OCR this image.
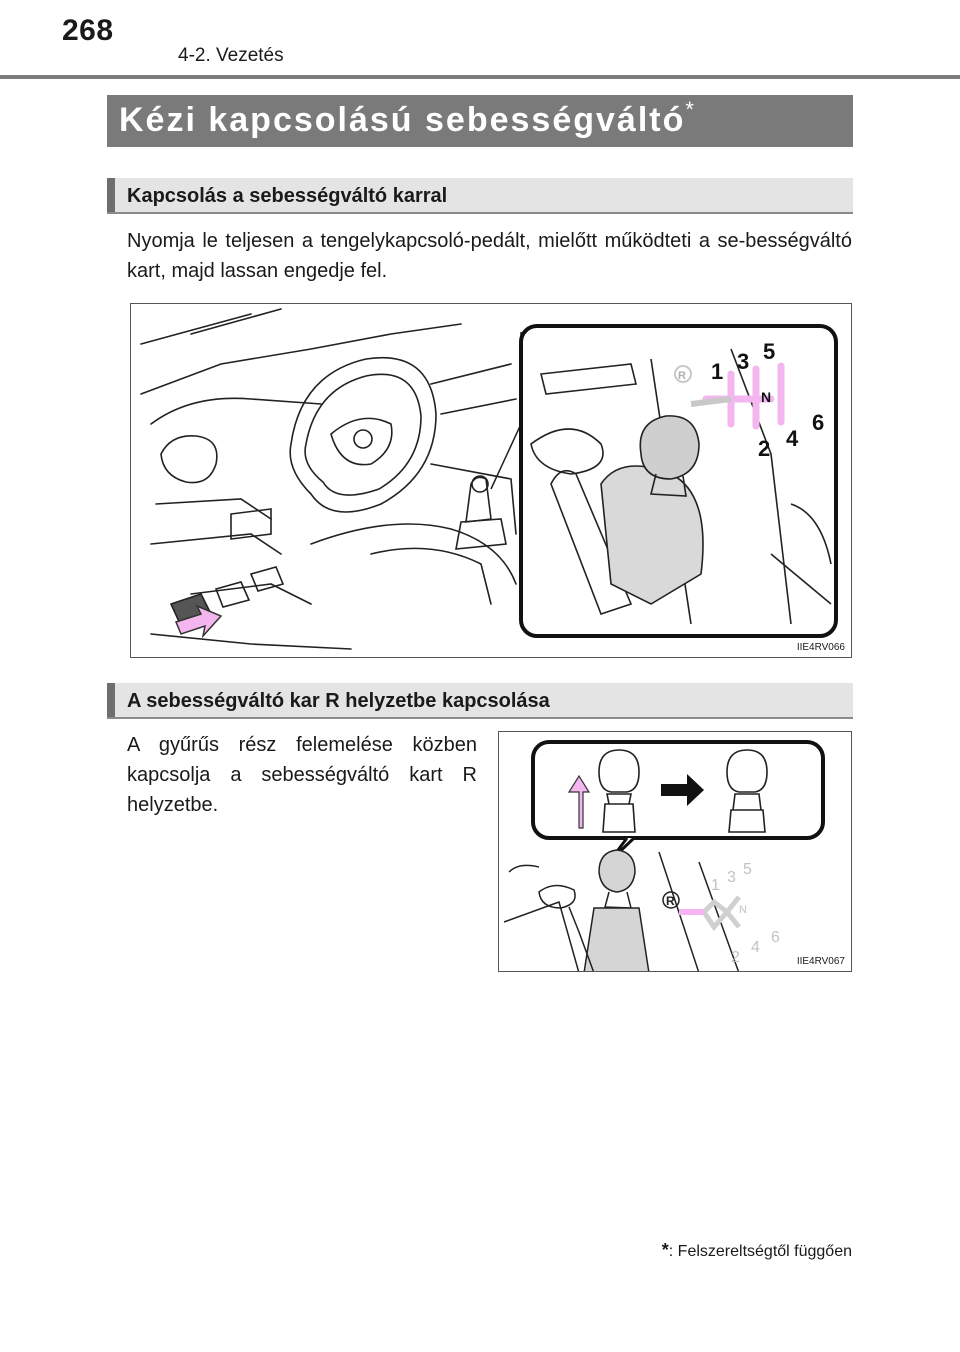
268
4-2. Vezetés
Kézi kapcsolású sebességváltó*
Kapcsolás a sebességváltó karral
Nyomja le teljesen a tengelykapcsoló-pedált, mielőtt működteti a se-bességváltó kart, majd lassan engedje fel.
1 3 5
N
2 4
6
R
IIE4RV066
A sebességváltó kar R helyzetbe kapcsolása
A gyűrűs rész felemelése közben kapcsolja a sebességváltó kart R helyzetbe.
1 3 5
N
2
4
6
R
IIE4RV067
*: Felszereltségtől függően
